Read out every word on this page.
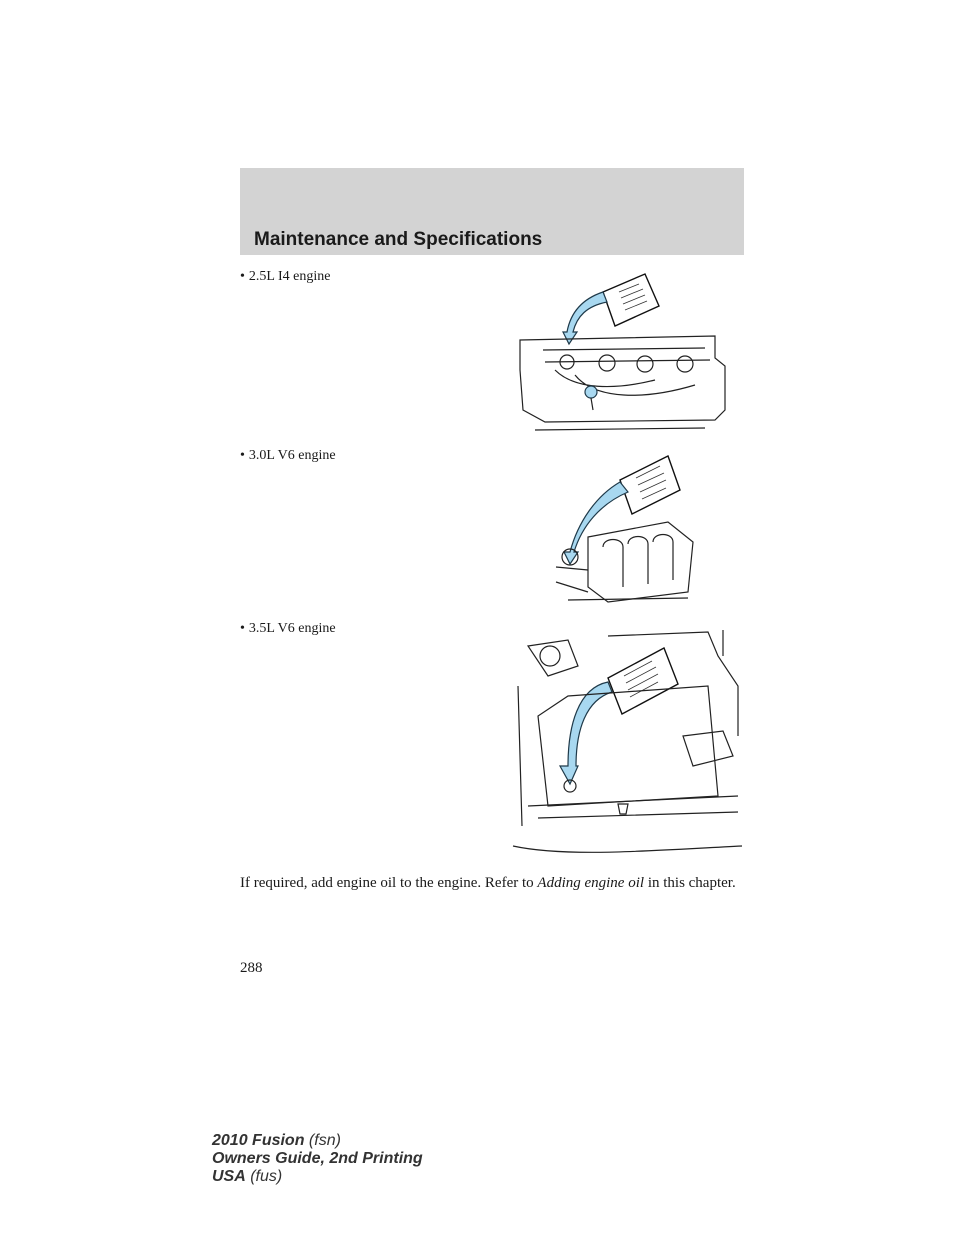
Maintenance and Specifications
• 2.5L I4 engine
• 3.0L V6 engine
• 3.5L V6 engine
If required, add engine oil to the engine. Refer to Adding engine oil in this chapter.
288
2010 Fusion (fsn)
Owners Guide, 2nd Printing
USA (fus)
